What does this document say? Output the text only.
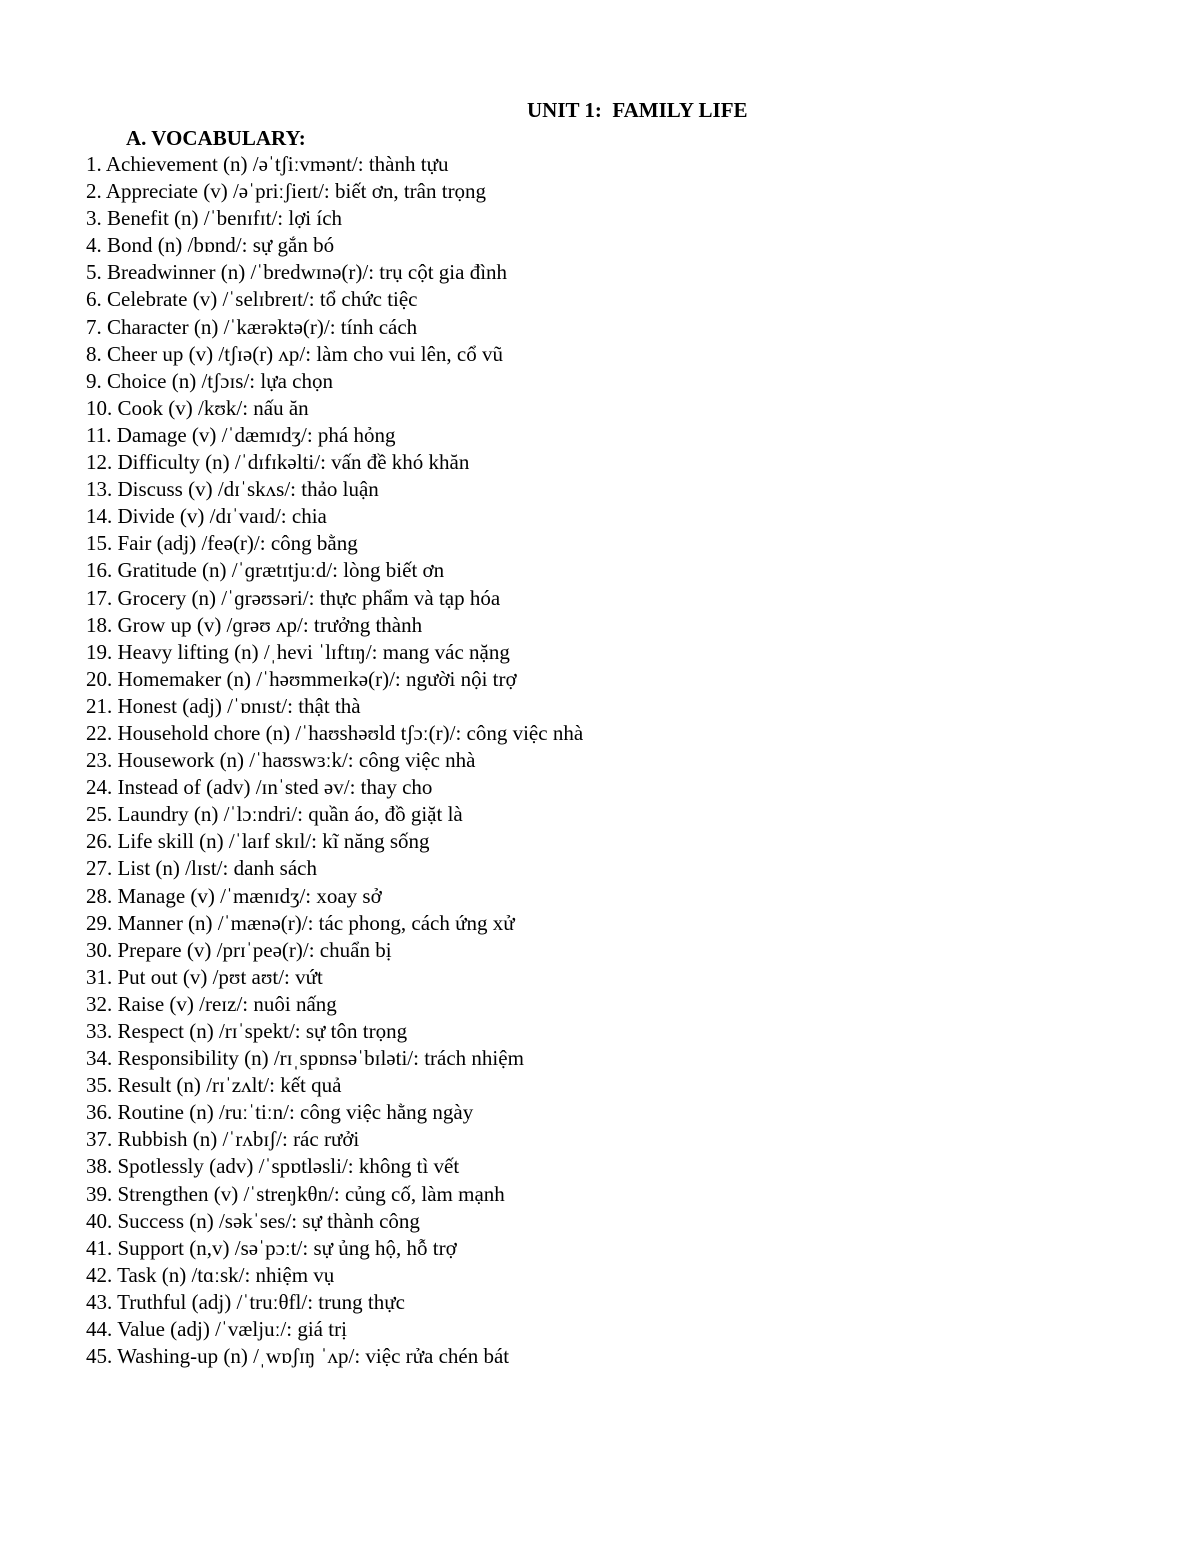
UNIT 1:  FAMILY LIFE
A. VOCABULARY:
1. Achievement (n) /əˈtʃiːvmənt/: thành tựu
2. Appreciate (v) /əˈpriːʃieɪt/: biết ơn, trân trọng
3. Benefit (n) /ˈbenɪfɪt/: lợi ích
4. Bond (n) /bɒnd/: sự gắn bó
5. Breadwinner (n) /ˈbredwɪnə(r)/: trụ cột gia đình
6. Celebrate (v) /ˈselɪbreɪt/: tổ chức tiệc
7. Character (n) /ˈkærəktə(r)/: tính cách
8. Cheer up (v) /tʃɪə(r) ʌp/: làm cho vui lên, cổ vũ
9. Choice (n) /tʃɔɪs/: lựa chọn
10. Cook (v) /kʊk/: nấu ăn
11. Damage (v) /ˈdæmɪdʒ/: phá hỏng
12. Difficulty (n) /ˈdɪfɪkəlti/: vấn đề khó khăn
13. Discuss (v) /dɪˈskʌs/: thảo luận
14. Divide (v) /dɪˈvaɪd/: chia
15. Fair (adj) /feə(r)/: công bằng
16. Gratitude (n) /ˈɡrætɪtjuːd/: lòng biết ơn
17. Grocery (n) /ˈɡrəʊsəri/: thực phẩm và tạp hóa
18. Grow up (v) /ɡrəʊ ʌp/: trưởng thành
19. Heavy lifting (n) /ˌhevi ˈlɪftɪŋ/: mang vác nặng
20. Homemaker (n) /ˈhəʊmmeɪkə(r)/: người nội trợ
21. Honest (adj) /ˈɒnɪst/: thật thà
22. Household chore (n) /ˈhaʊshəʊld tʃɔː(r)/: công việc nhà
23. Housework (n) /ˈhaʊswɜːk/: công việc nhà
24. Instead of (adv) /ɪnˈsted əv/: thay cho
25. Laundry (n) /ˈlɔːndri/: quần áo, đồ giặt là
26. Life skill (n) /ˈlaɪf skɪl/: kĩ năng sống
27. List (n) /lɪst/: danh sách
28. Manage (v) /ˈmænɪdʒ/: xoay sở
29. Manner (n) /ˈmænə(r)/: tác phong, cách ứng xử
30. Prepare (v) /prɪˈpeə(r)/: chuẩn bị
31. Put out (v) /pʊt aʊt/: vứt
32. Raise (v) /reɪz/: nuôi nấng
33. Respect (n) /rɪˈspekt/: sự tôn trọng
34. Responsibility (n) /rɪˌspɒnsəˈbɪləti/: trách nhiệm
35. Result (n) /rɪˈzʌlt/: kết quả
36. Routine (n) /ruːˈtiːn/: công việc hằng ngày
37. Rubbish (n) /ˈrʌbɪʃ/: rác rưởi
38. Spotlessly (adv) /ˈspɒtləsli/: không tì vết
39. Strengthen (v) /ˈstreŋkθn/: củng cố, làm mạnh
40. Success (n) /səkˈses/: sự thành công
41. Support (n,v) /səˈpɔːt/: sự ủng hộ, hỗ trợ
42. Task (n) /tɑːsk/: nhiệm vụ
43. Truthful (adj) /ˈtruːθfl/: trung thực
44. Value (adj) /ˈvæljuː/: giá trị
45. Washing-up (n) /ˌwɒʃɪŋ ˈʌp/: việc rửa chén bát
